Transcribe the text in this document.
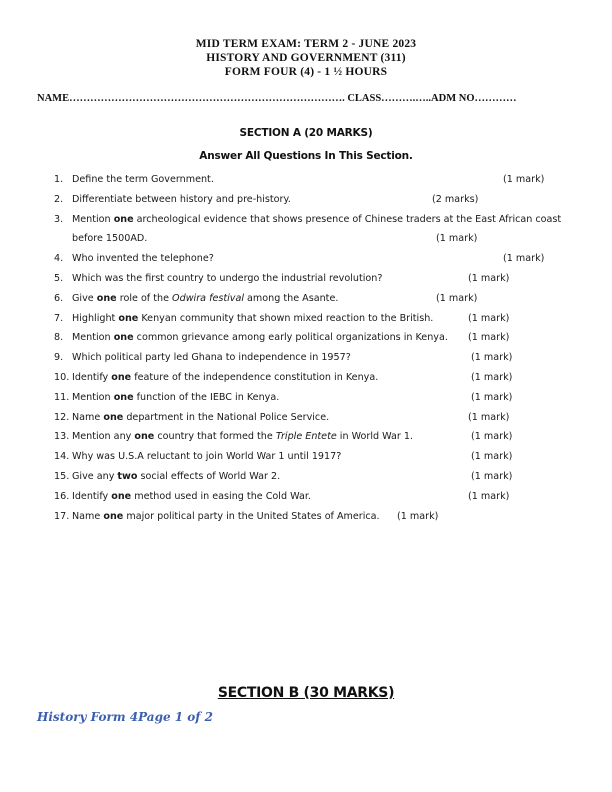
MID TERM EXAM: TERM 2 - JUNE 2023
HISTORY AND GOVERNMENT (311)
FORM FOUR (4) - 1 ½ HOURS
NAME……………………………………………………………………. CLASS……….…..ADM NO…………
SECTION A (20 MARKS)
Answer All Questions In This Section.
1. Define the term Government.	(1 mark)
2. Differentiate between history and pre-history.	(2 marks)
3. Mention one archeological evidence that shows presence of Chinese traders at the East African coast
before 1500AD.	(1 mark)
4. Who invented the telephone?	(1 mark)
5. Which was the first country to undergo the industrial revolution?	(1 mark)
6. Give one role of the Odwira festival among the Asante.	(1 mark)
7. Highlight one Kenyan community that shown mixed reaction to the British.	(1 mark)
8. Mention one common grievance among early political organizations in Kenya. (1 mark)
9. Which political party led Ghana to independence in 1957?	(1 mark)
10. Identify one feature of the independence constitution in Kenya.	(1 mark)
11. Mention one function of the IEBC in Kenya.	(1 mark)
12. Name one department in the National Police Service.	(1 mark)
13. Mention any one country that formed the Triple Entete in World War 1.	(1 mark)
14. Why was U.S.A reluctant to join World War 1 until 1917?	(1 mark)
15. Give any two social effects of World War 2.	(1 mark)
16. Identify one method used in easing the Cold War.	(1 mark)
17. Name one major political party in the United States of America. (1 mark)
SECTION B (30 MARKS)
History Form 4Page 1 of 2
